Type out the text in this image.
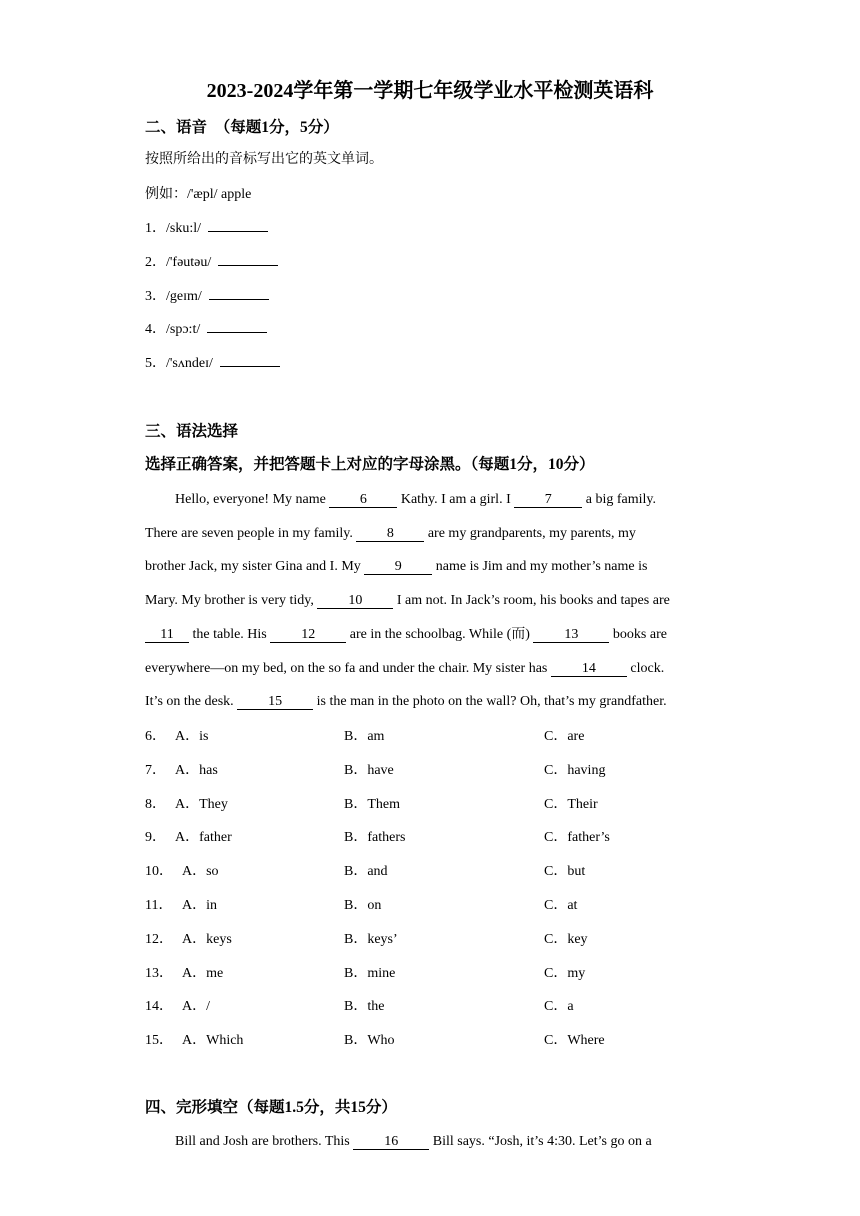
2023-2024学年第一学期七年级学业水平检测英语科
二、语音　（每题1分，5分）
按照所给出的音标写出它的英文单词。
例如：/'æpl/ apple
1．/sku:l/
2．/'fəutəu/
3．/geɪm/
4．/spɔ:t/
5．/'sʌndeɪ/
三、语法选择
选择正确答案，并把答题卡上对应的字母涂黑。（每题1分，10分）
Hello, everyone! My name 6 Kathy. I am a girl. I 7 a big family.
There are seven people in my family. 8 are my grandparents, my parents, my
brother Jack, my sister Gina and I. My 9 name is Jim and my mother’s name is
Mary. My brother is very tidy, 10 I am not. In Jack’s room, his books and tapes are
11 the table. His 12 are in the schoolbag. While (而) 13 books are
everywhere—on my bed, on the so fa and under the chair. My sister has 14 clock.
It’s on the desk. 15 is the man in the photo on the wall? Oh, that’s my grandfather.
6． A．is	B．am	C．are
7． A．has	B．have	C．having
8． A．They	B．Them	C．Their
9． A．father	B．fathers	C．father’s
10． A．so	B．and	C．but
11． A．in	B．on	C．at
12． A．keys	B．keys’	C．key
13． A．me	B．mine	C．my
14． A．/	B．the	C．a
15． A．Which	B．Who	C．Where
四、完形填空（每题1.5分，共15分）
Bill and Josh are brothers. This 16 Bill says. “Josh, it’s 4:30. Let’s go on a
